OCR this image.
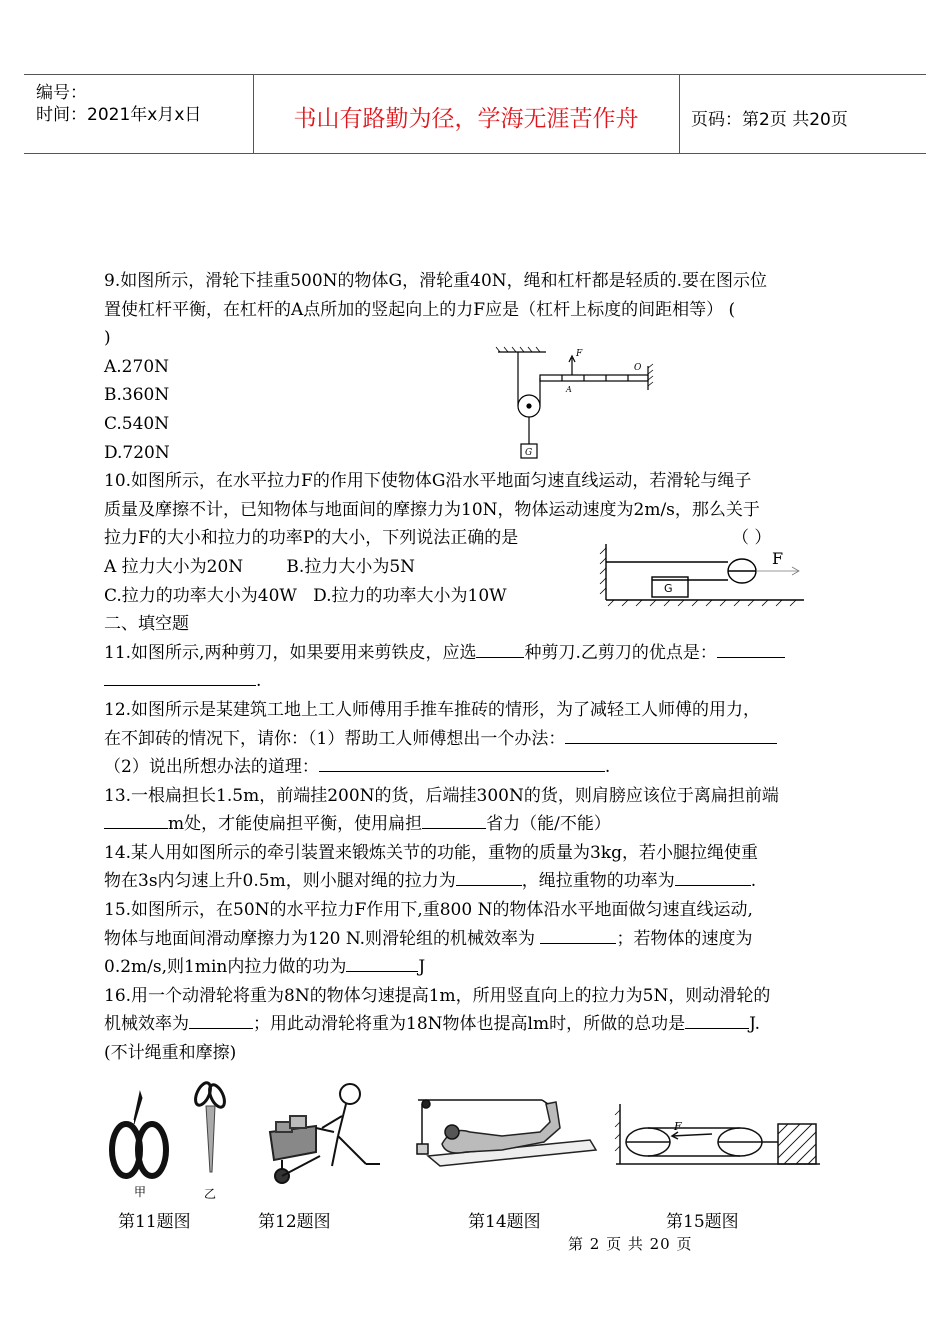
编号：
时间：2021年x月x日	书山有路勤为径，学海无涯苦作舟	页码：第2页 共20页

9.如图所示，滑轮下挂重500N的物体G，滑轮重40N，绳和杠杆都是轻质的.要在图示位

置使杠杆平衡，在杠杆的A点所加的竖起向上的力F应是（杠杆上标度的间距相等） (

)

A.270N

B.360N

C.540N

D.720N

10.如图所示，在水平拉力F的作用下使物体G沿水平地面匀速直线运动，若滑轮与绳子

质量及摩擦不计，已知物体与地面间的摩擦力为10N，物体运动速度为2m/s，那么关于

拉力F的大小和拉力的功率P的大小，下列说法正确的是	（ ）

A 拉力大小为20N        B.拉力大小为5N

C.拉力的功率大小为40W   D.拉力的功率大小为10W

二、填空题

11.如图所示,两种剪刀，如果要用来剪铁皮，应选	种剪刀.乙剪刀的优点是：

.

12.如图所示是某建筑工地上工人师傅用手推车推砖的情形，为了减轻工人师傅的用力，

在不卸砖的情况下，请你：（1）帮助工人师傅想出一个办法：

（2）说出所想办法的道理：	.

13.一根扁担长1.5m，前端挂200N的货，后端挂300N的货，则肩膀应该位于离扁担前端

m处，才能使扁担平衡，使用扁担	省力（能/不能）

14.某人用如图所示的牵引装置来锻炼关节的功能，重物的质量为3kg，若小腿拉绳使重

物在3s内匀速上升0.5m，则小腿对绳的拉力为	，绳拉重物的功率为	.

15.如图所示，在50N的水平拉力F作用下,重800 N的物体沿水平地面做匀速直线运动,

物体与地面间滑动摩擦力为120 N.则滑轮组的机械效率为	；若物体的速度为

0.2m/s,则1min内拉力做的功为	J

16.用一个动滑轮将重为8N的物体匀速提高1m，所用竖直向上的拉力为5N，则动滑轮的

机械效率为	；用此动滑轮将重为18N物体也提高lm时，所做的总功是	J.

(不计绳重和摩擦)

F
O
A
G
F
G
甲	乙
F
第11题图	第12题图	第14题图	第15题图
第 2 页 共 20 页
